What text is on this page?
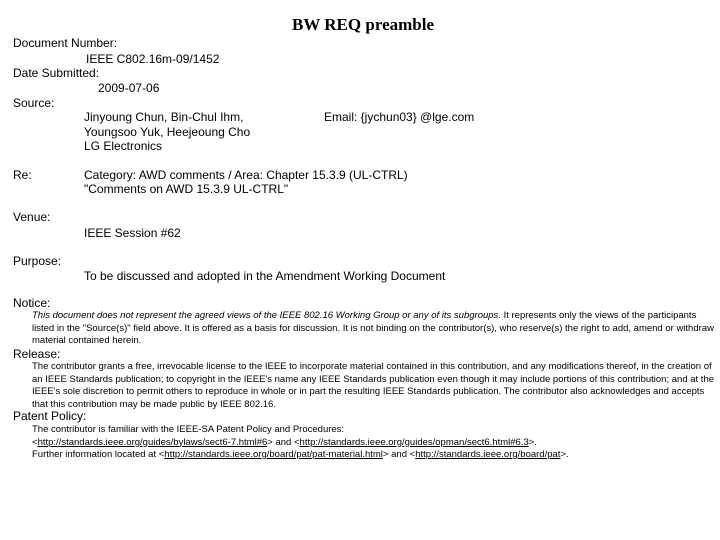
BW REQ preamble
Document Number:
IEEE C802.16m-09/1452
Date Submitted:
2009-07-06
Source:
Jinyoung Chun, Bin-Chul Ihm,
Youngsoo Yuk, Heejeoung Cho
LG Electronics
Email: {jychun03} @lge.com
Re:	Category: AWD comments / Area: Chapter 15.3.9 (UL-CTRL)
"Comments on AWD 15.3.9 UL-CTRL"
Venue:
IEEE Session #62
Purpose:
To be discussed and adopted in the Amendment Working Document
Notice:
This document does not represent the agreed views of the IEEE 802.16 Working Group or any of its subgroups. It represents only the views of the participants listed in the "Source(s)" field above. It is offered as a basis for discussion. It is not binding on the contributor(s), who reserve(s) the right to add, amend or withdraw material contained herein.
Release:
The contributor grants a free, irrevocable license to the IEEE to incorporate material contained in this contribution, and any modifications thereof, in the creation of an IEEE Standards publication; to copyright in the IEEE's name any IEEE Standards publication even though it may include portions of this contribution; and at the IEEE's sole discretion to permit others to reproduce in whole or in part the resulting IEEE Standards publication. The contributor also acknowledges and accepts that this contribution may be made public by IEEE 802.16.
Patent Policy:
The contributor is familiar with the IEEE-SA Patent Policy and Procedures:
<http://standards.ieee.org/guides/bylaws/sect6-7.html#6> and <http://standards.ieee.org/guides/opman/sect6.html#6.3>.
Further information located at <http://standards.ieee.org/board/pat/pat-material.html> and <http://standards.ieee.org/board/pat>.
